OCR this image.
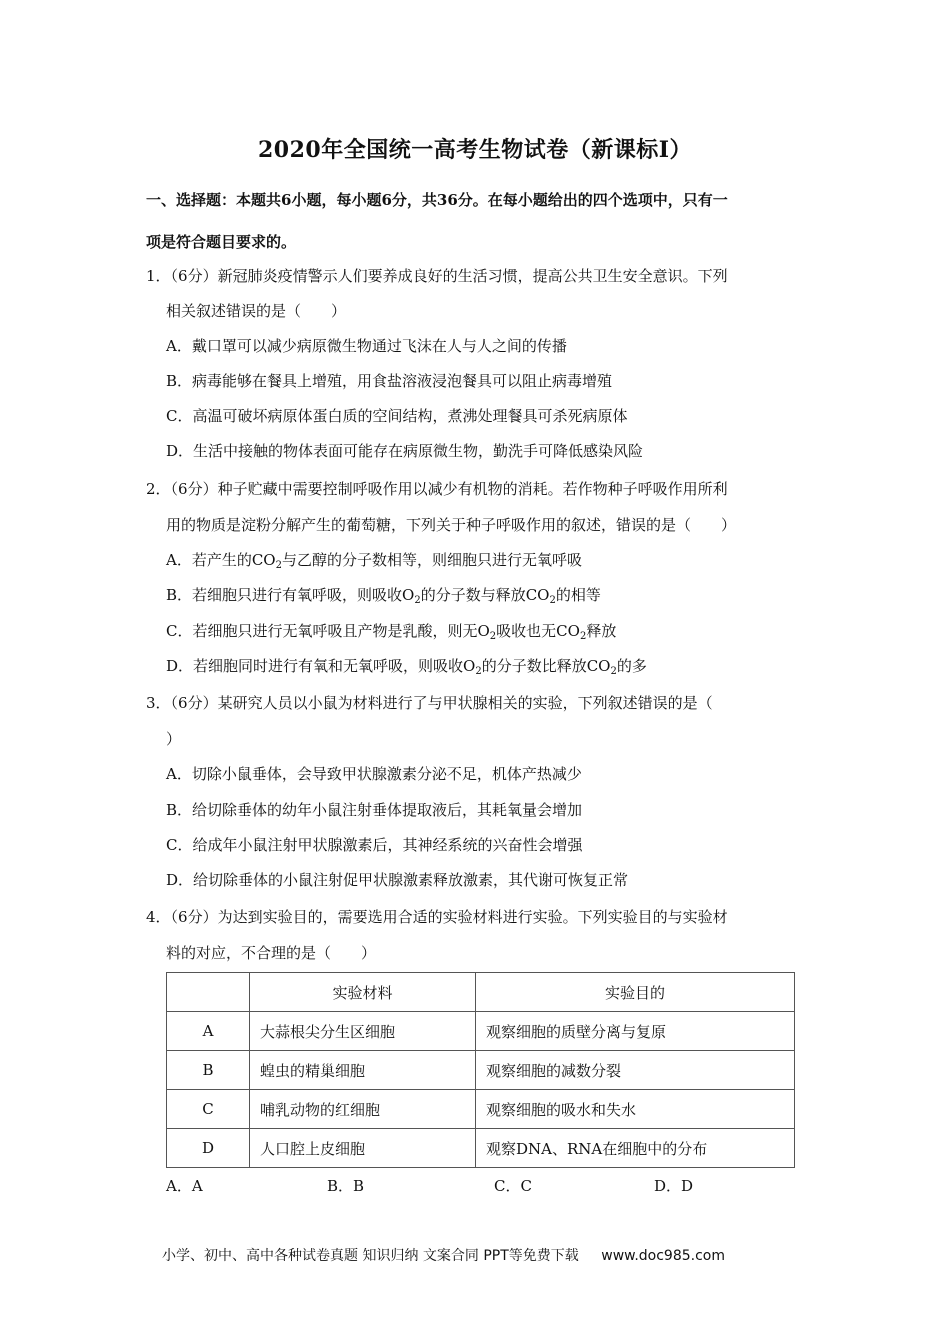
2020年全国统一高考生物试卷（新课标Ⅰ）
一、选择题：本题共6小题，每小题6分，共36分。在每小题给出的四个选项中，只有一
项是符合题目要求的。
1．（6分）新冠肺炎疫情警示人们要养成良好的生活习惯，提高公共卫生安全意识。下列
相关叙述错误的是（　　）
A．戴口罩可以减少病原微生物通过飞沫在人与人之间的传播
B．病毒能够在餐具上增殖，用食盐溶液浸泡餐具可以阻止病毒增殖
C．高温可破坏病原体蛋白质的空间结构，煮沸处理餐具可杀死病原体
D．生活中接触的物体表面可能存在病原微生物，勤洗手可降低感染风险
2．（6分）种子贮藏中需要控制呼吸作用以减少有机物的消耗。若作物种子呼吸作用所利
用的物质是淀粉分解产生的葡萄糖，下列关于种子呼吸作用的叙述，错误的是（　　）
A．若产生的$CO_2$与乙醇的分子数相等，则细胞只进行无氧呼吸
B．若细胞只进行有氧呼吸，则吸收$O_2$的分子数与释放$CO_2$的相等
C．若细胞只进行无氧呼吸且产物是乳酸，则无$O_2$吸收也无$CO_2$释放
D．若细胞同时进行有氧和无氧呼吸，则吸收$O_2$的分子数比释放$CO_2$的多
3．（6分）某研究人员以小鼠为材料进行了与甲状腺相关的实验，下列叙述错误的是（
）
A．切除小鼠垂体，会导致甲状腺激素分泌不足，机体产热减少
B．给切除垂体的幼年小鼠注射垂体提取液后，其耗氧量会增加
C．给成年小鼠注射甲状腺激素后，其神经系统的兴奋性会增强
D．给切除垂体的小鼠注射促甲状腺激素释放激素，其代谢可恢复正常
4．（6分）为达到实验目的，需要选用合适的实验材料进行实验。下列实验目的与实验材
料的对应，不合理的是（　　）
	实验材料	实验目的
A	大蒜根尖分生区细胞	观察细胞的质壁分离与复原
B	蝗虫的精巢细胞	观察细胞的减数分裂
C	哺乳动物的红细胞	观察细胞的吸水和失水
D	人口腔上皮细胞	观察DNA、RNA在细胞中的分布
A．A	B．B	C．C	D．D
小学、初中、高中各种试卷真题 知识归纳 文案合同 PPT等免费下载 www.doc985.com
